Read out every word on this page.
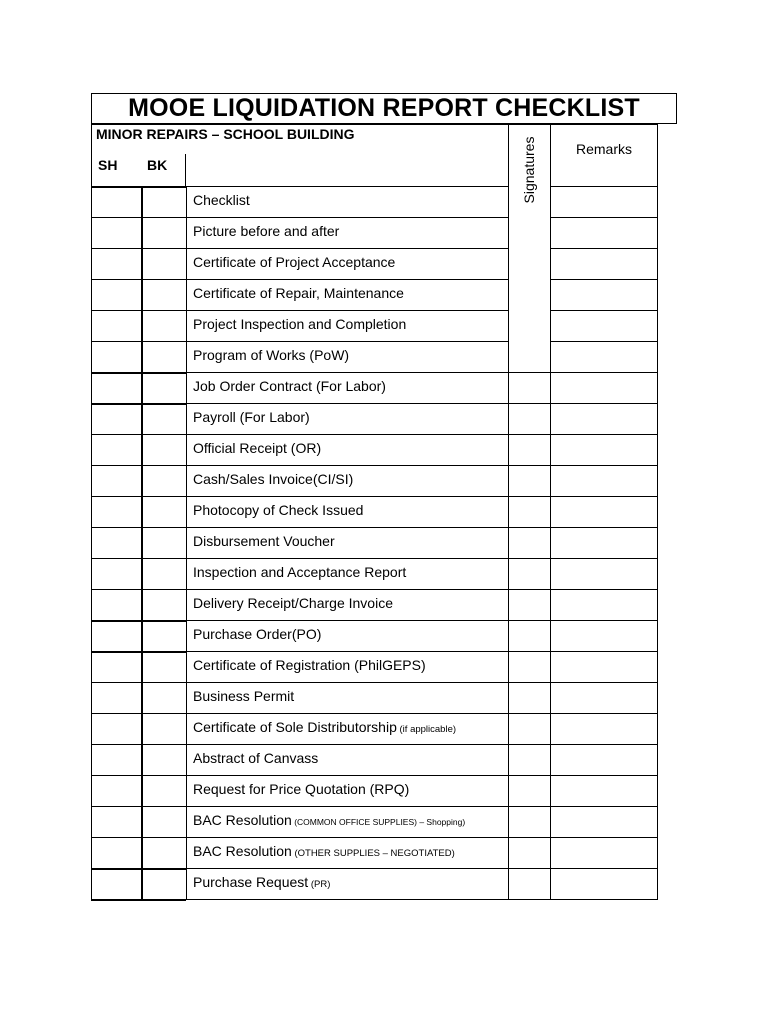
MOOE LIQUIDATION REPORT CHECKLIST
MINOR REPAIRS – SCHOOL BUILDING
SH BK	Signatures	Remarks
Checklist
Picture before and after
Certificate of Project Acceptance
Certificate of Repair, Maintenance
Project Inspection and Completion
Program of Works (PoW)
Job Order Contract (For Labor)
Payroll (For Labor)
Official Receipt (OR)
Cash/Sales Invoice(CI/SI)
Photocopy of Check Issued
Disbursement Voucher
Inspection and Acceptance Report
Delivery Receipt/Charge Invoice
Purchase Order(PO)
Certificate of Registration (PhilGEPS)
Business Permit
Certificate of Sole Distributorship (if applicable)
Abstract of Canvass
Request for Price Quotation (RPQ)
BAC Resolution (COMMON OFFICE SUPPLIES) – Shopping)
BAC Resolution (OTHER SUPPLIES – NEGOTIATED)
Purchase Request (PR)
